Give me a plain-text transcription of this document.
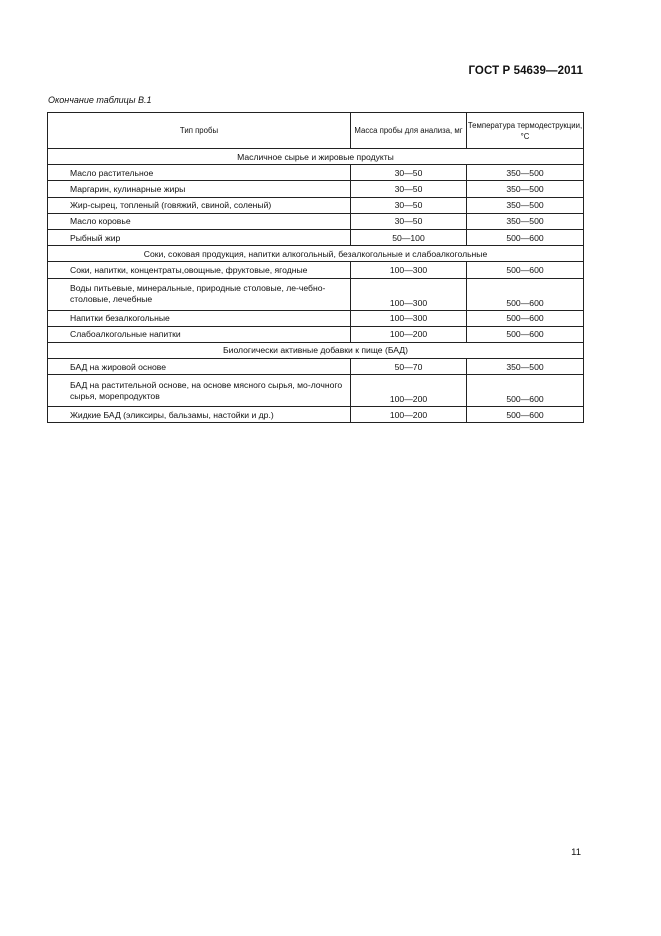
ГОСТ Р 54639—2011
Окончание таблицы В.1
Тип пробы	Масса пробы для анализа, мг	Температура термодеструкции, °С
Масличное сырье и жировые продукты		
Масло растительное	30—50	350—500
Маргарин, кулинарные жиры	30—50	350—500
Жир-сырец, топленый (говяжий, свиной, соленый)	30—50	350—500
Масло коровье	30—50	350—500
Рыбный жир	50—100	500—600
Соки, соковая продукция, напитки алкогольный, безалкогольные и слабоалкогольные		
Соки, напитки, концентраты,овощные, фруктовые, ягодные	100—300	500—600
Воды питьевые, минеральные, природные столовые, ле-чебно-столовые, лечебные	100—300	500—600
Напитки безалкогольные	100—300	500—600
Слабоалкогольные напитки	100—200	500—600
Биологически активные добавки к пище (БАД)		
БАД на жировой основе	50—70	350—500
БАД на растительной основе, на основе мясного сырья, мо-лочного сырья, морепродуктов	100—200	500—600
Жидкие БАД (эликсиры, бальзамы, настойки и др.)	100—200	500—600
11
